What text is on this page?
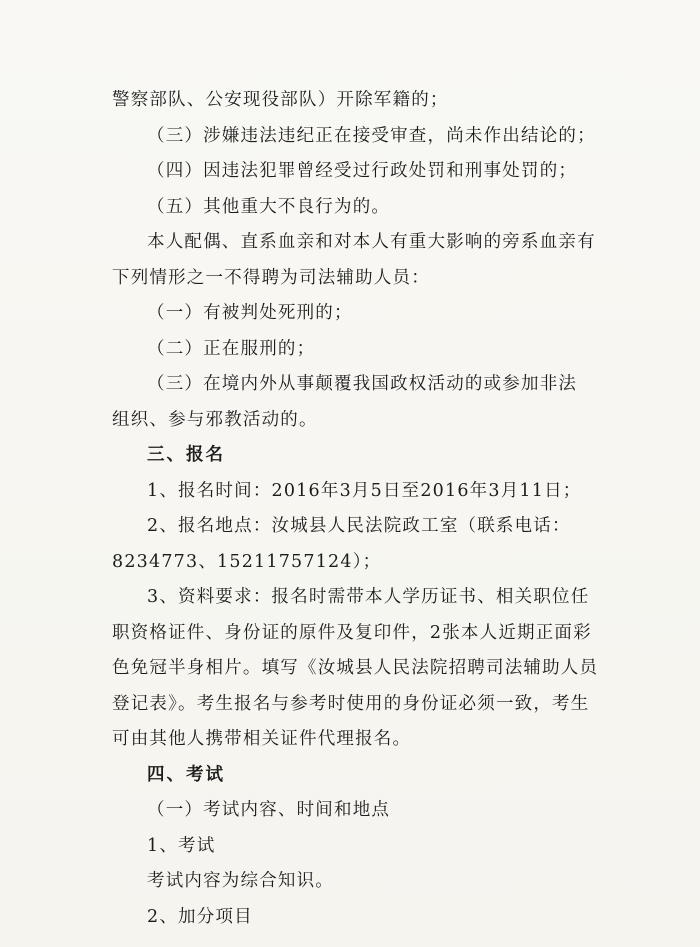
警察部队、公安现役部队）开除军籍的；
（三）涉嫌违法违纪正在接受审查，尚未作出结论的；
（四）因违法犯罪曾经受过行政处罚和刑事处罚的；
（五）其他重大不良行为的。
本人配偶、直系血亲和对本人有重大影响的旁系血亲有
下列情形之一不得聘为司法辅助人员：
（一）有被判处死刑的；
（二）正在服刑的；
（三）在境内外从事颠覆我国政权活动的或参加非法
组织、参与邪教活动的。
三、报名
1、报名时间：2016年3月5日至2016年3月11日；
2、报名地点：汝城县人民法院政工室（联系电话：
8234773、15211757124）；
3、资料要求：报名时需带本人学历证书、相关职位任
职资格证件、身份证的原件及复印件，2张本人近期正面彩
色免冠半身相片。填写《汝城县人民法院招聘司法辅助人员
登记表》。考生报名与参考时使用的身份证必须一致，考生
可由其他人携带相关证件代理报名。
四、考试
（一）考试内容、时间和地点
1、考试
考试内容为综合知识。
2、加分项目
